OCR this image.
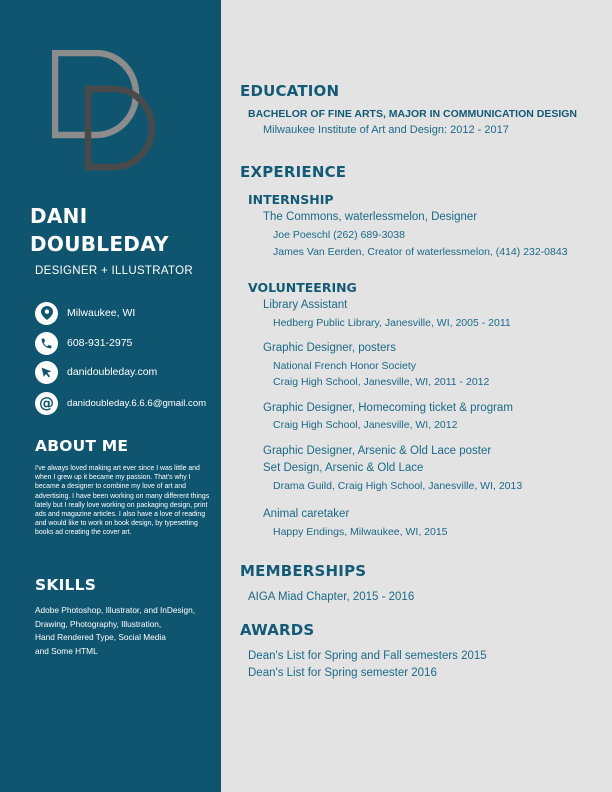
DANI
DOUBLEDAY
DESIGNER + ILLUSTRATOR
Milwaukee, WI
608-931-2975
danidoubleday.com
@ danidoubleday.6.6.6@gmail.com
ABOUT ME
I've always loved making art ever since I was little and when I grew up it became my passion. That's why I became a designer to combine my love of art and advertising. I have been working on many different things lately but I really love working on packaging design, print ads and magazine articles. I also have a love of reading and would like to work on book design, by typesetting books ad creating the cover art.
SKILLS
Adobe Photoshop, Illustrator, and InDesign,
Drawing, Photography, Illustration,
Hand Rendered Type, Social Media
and Some HTML
EDUCATION
BACHELOR OF FINE ARTS, MAJOR IN COMMUNICATION DESIGN
Milwaukee Institute of Art and Design: 2012 - 2017
EXPERIENCE
INTERNSHIP
The Commons, waterlessmelon, Designer
Joe Poeschl (262) 689-3038
James Van Eerden, Creator of waterlessmelon, (414) 232-0843
VOLUNTEERING
Library Assistant
Hedberg Public Library, Janesville, WI, 2005 - 2011
Graphic Designer, posters
National French Honor Society
Craig High School, Janesville, WI, 2011 - 2012
Graphic Designer, Homecoming ticket & program
Craig High School, Janesville, WI, 2012
Graphic Designer, Arsenic & Old Lace poster
Set Design, Arsenic & Old Lace
Drama Guild, Craig High School, Janesville, WI, 2013
Animal caretaker
Happy Endings, Milwaukee, WI, 2015
MEMBERSHIPS
AIGA Miad Chapter, 2015 - 2016
AWARDS
Dean's List for Spring and Fall semesters 2015
Dean's List for Spring semester 2016
